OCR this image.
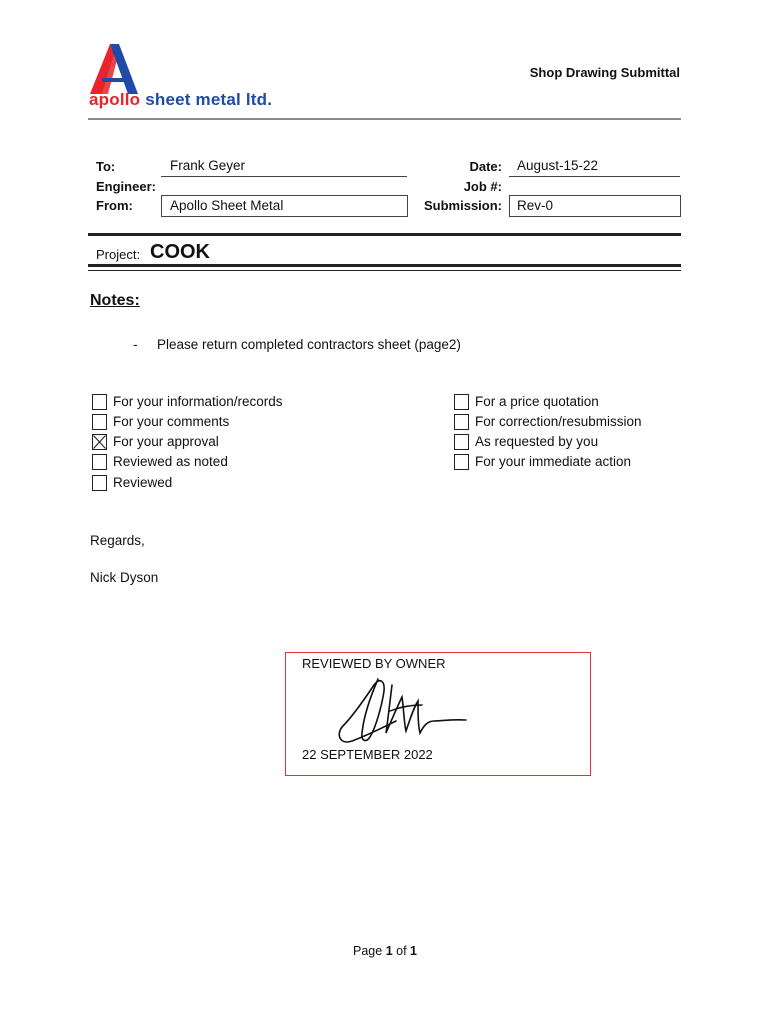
apollo sheet metal ltd.
Shop Drawing Submittal
To:	Frank Geyer
Engineer:
From:	Apollo Sheet Metal
Date: August-15-22
Job #:
Submission: Rev-0
Project: COOK
Notes:
- Please return completed contractors sheet (page2)
For your information/records
For your comments
For your approval
Reviewed as noted
Reviewed
For a price quotation
For correction/resubmission
As requested by you
For your immediate action
Regards,
Nick Dyson
REVIEWED BY OWNER
22 SEPTEMBER 2022
Page 1 of 1
